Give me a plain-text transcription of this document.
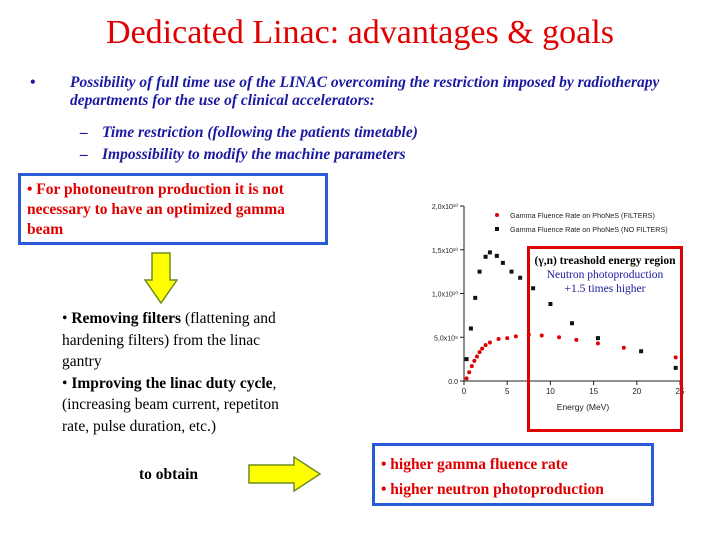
Dedicated Linac: advantages & goals
• Possibility of full time use of the LINAC overcoming the restriction imposed by radiotherapy departments for the use of clinical accelerators:
– Time restriction (following the patients timetable)
– Impossibility to modify the machine parameters
• For photoneutron production it is not necessary to have an optimized gamma beam

• Removing filters (flattening and hardening filters) from the linac gantry

• Improving the linac duty cycle, (increasing beam current, repetiton rate, pulse duration, etc.)

to obtain
0	5	10	15	20	25
0.0
5,0x10⁹
1,0x10¹⁰
1,5x10¹⁰
2,0x10¹⁰
Gamma Fluence Rate on PhoNeS (FILTERS)
Gamma Fluence Rate on PhoNeS (NO FILTERS)
Energy (MeV)
(γ,n) treashold energy region
Neutron photoproduction
+1.5 times higher
• higher gamma fluence rate
• higher neutron photoproduction
